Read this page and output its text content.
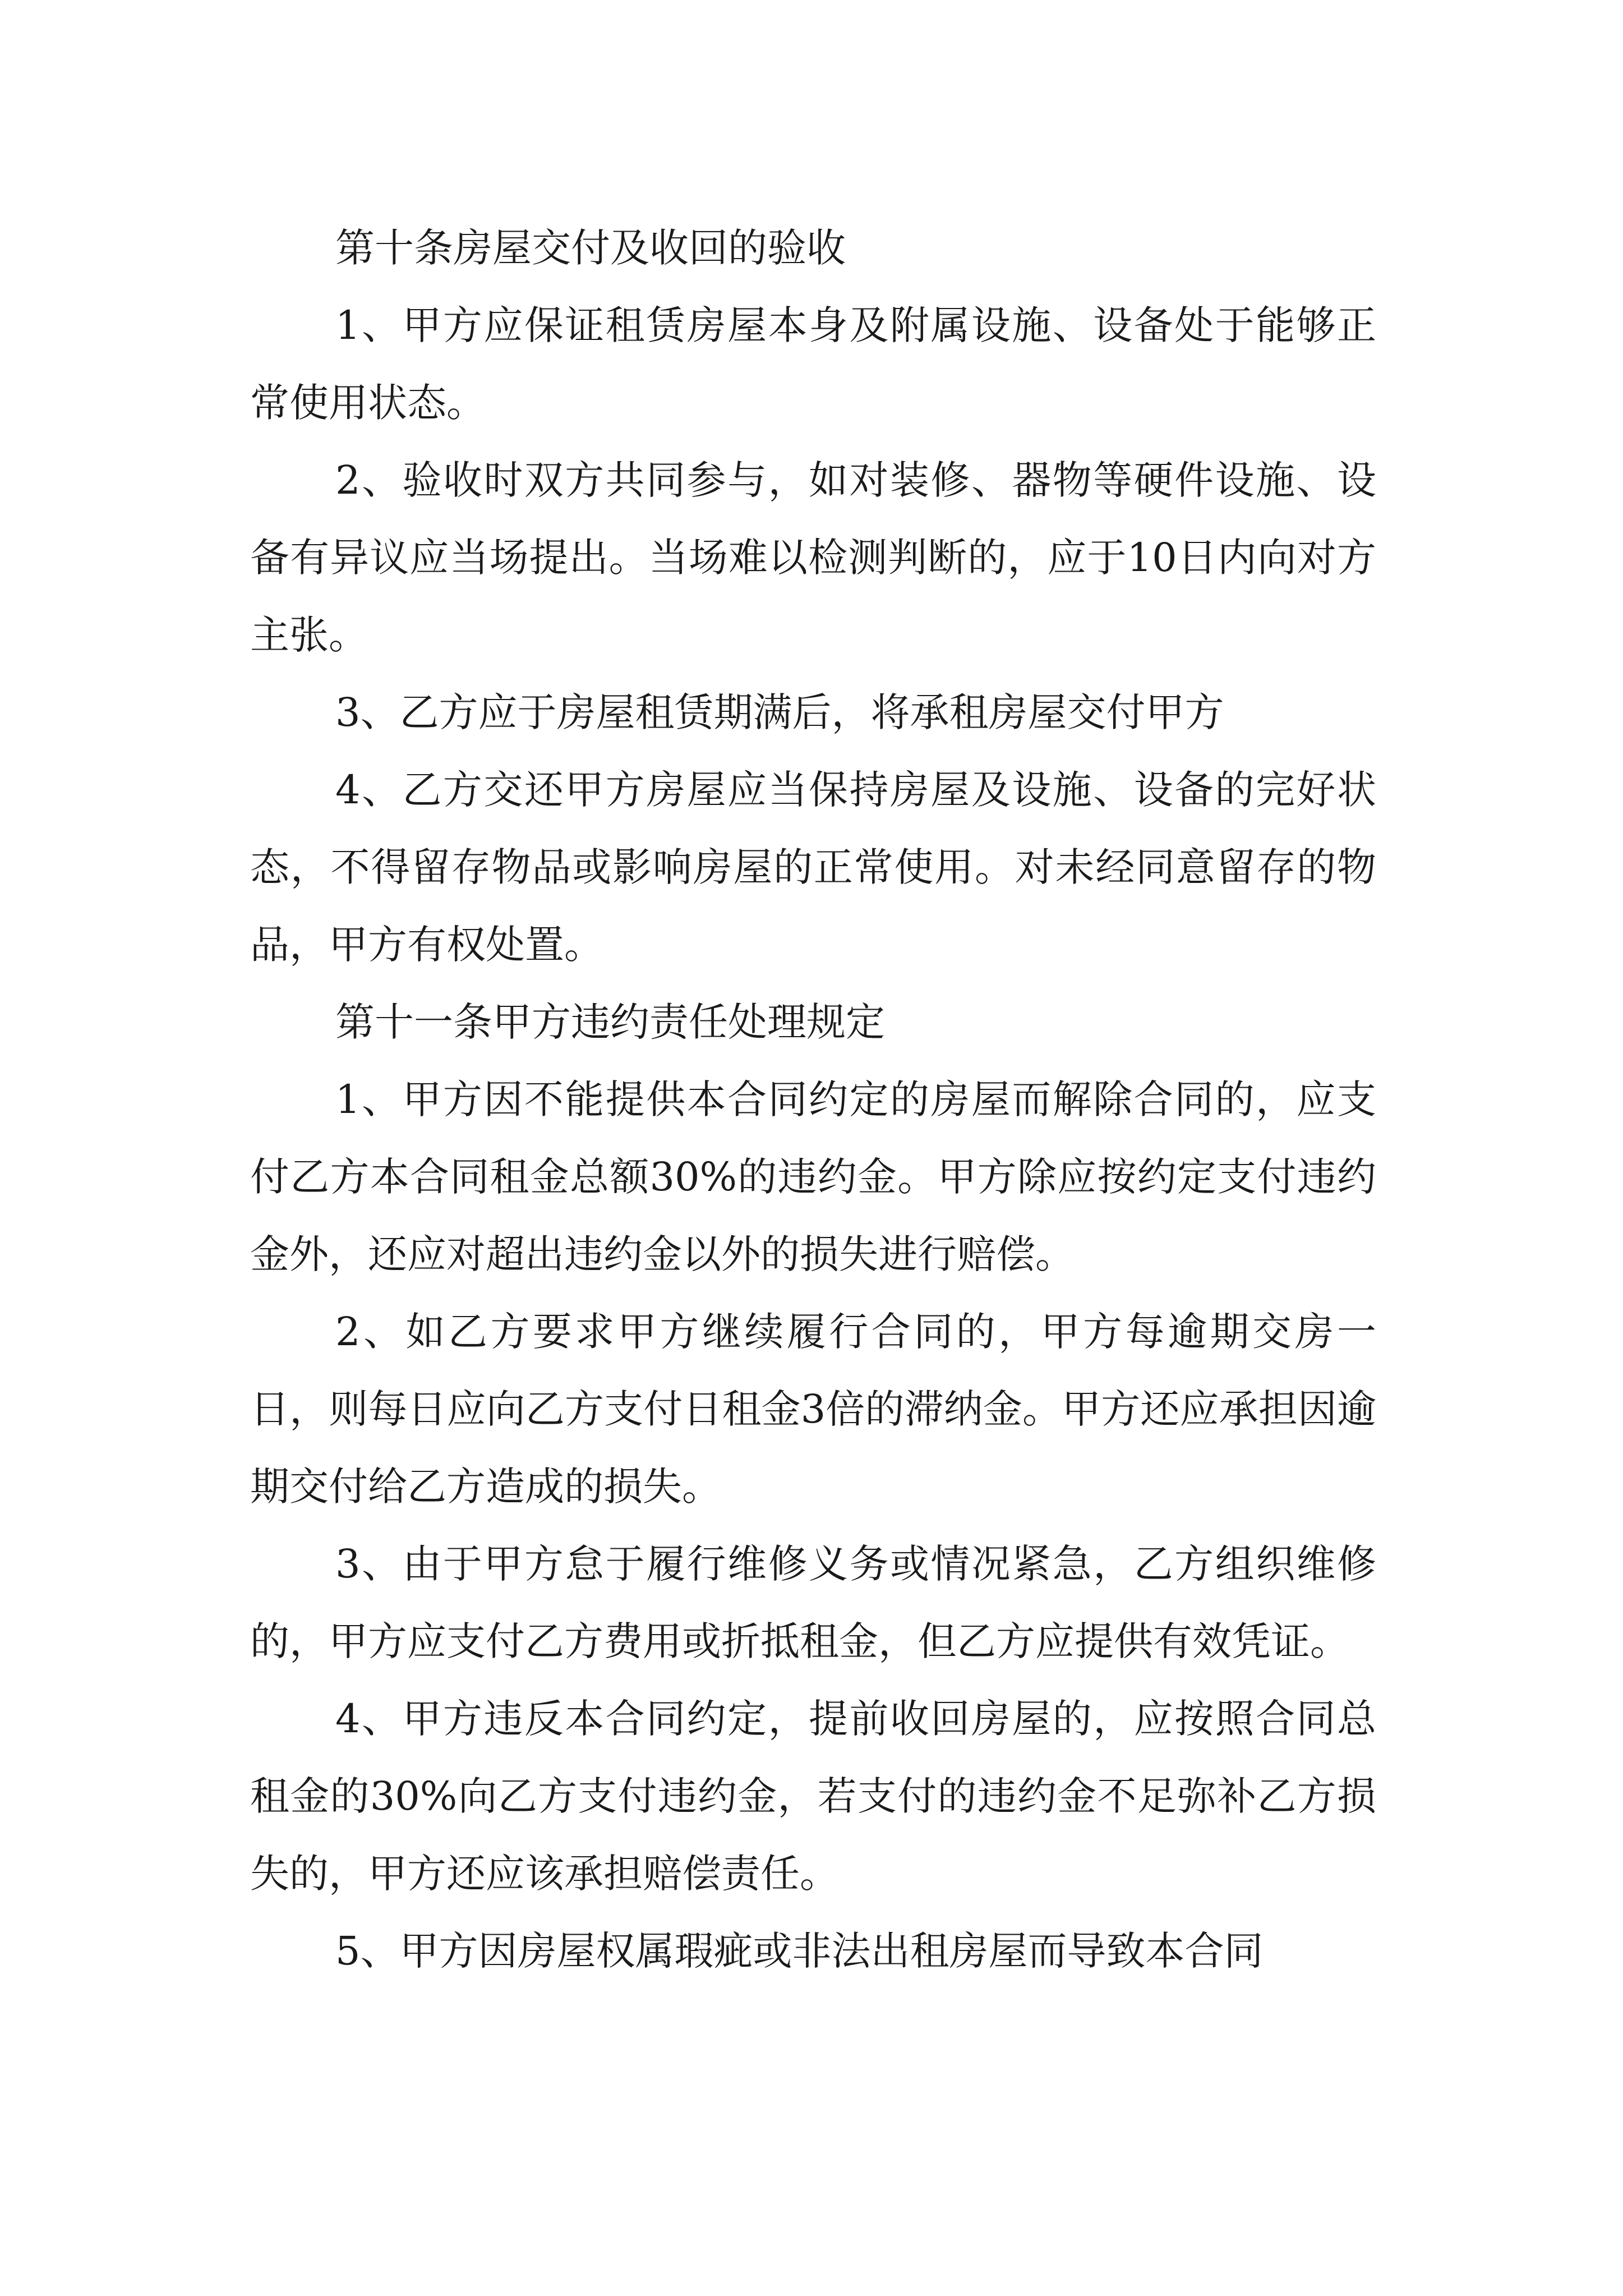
第十条房屋交付及收回的验收

1、甲方应保证租赁房屋本身及附属设施、设备处于能够正常使用状态。

2、验收时双方共同参与，如对装修、器物等硬件设施、设备有异议应当场提出。当场难以检测判断的，应于10日内向对方主张。

3、乙方应于房屋租赁期满后，将承租房屋交付甲方

4、乙方交还甲方房屋应当保持房屋及设施、设备的完好状态，不得留存物品或影响房屋的正常使用。对未经同意留存的物品，甲方有权处置。

第十一条甲方违约责任处理规定

1、甲方因不能提供本合同约定的房屋而解除合同的，应支付乙方本合同租金总额30%的违约金。甲方除应按约定支付违约金外，还应对超出违约金以外的损失进行赔偿。

2、如乙方要求甲方继续履行合同的，甲方每逾期交房一日，则每日应向乙方支付日租金3倍的滞纳金。甲方还应承担因逾期交付给乙方造成的损失。

3、由于甲方怠于履行维修义务或情况紧急，乙方组织维修的，甲方应支付乙方费用或折抵租金，但乙方应提供有效凭证。

4、甲方违反本合同约定，提前收回房屋的，应按照合同总租金的30%向乙方支付违约金，若支付的违约金不足弥补乙方损失的，甲方还应该承担赔偿责任。

5、甲方因房屋权属瑕疵或非法出租房屋而导致本合同
